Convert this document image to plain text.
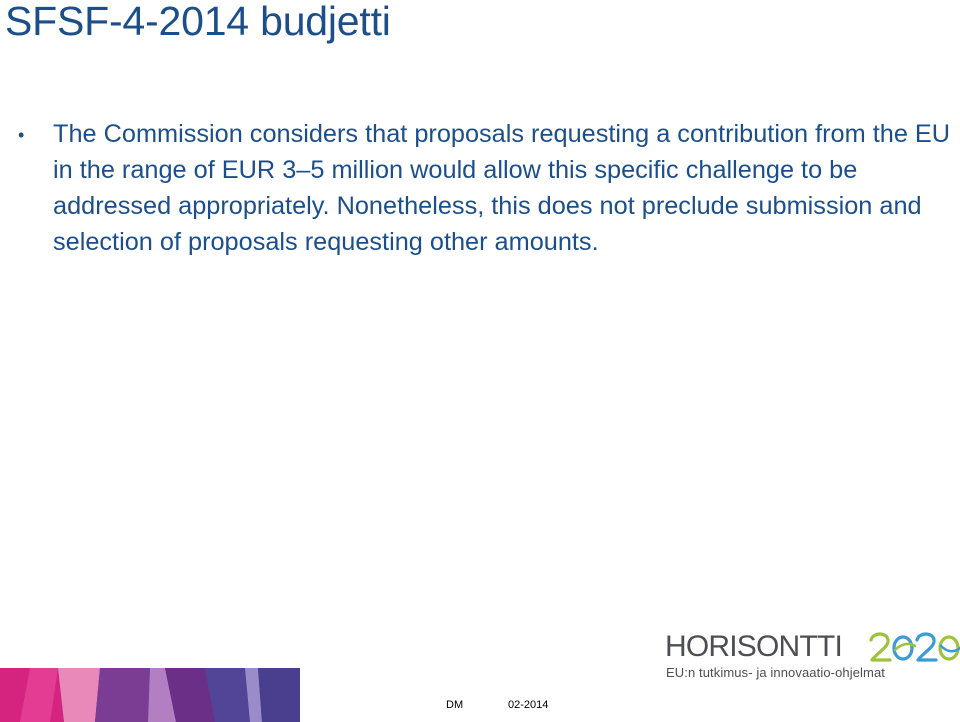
SFSF-4-2014 budjetti
•	The Commission considers that proposals requesting a contribution from the EU in the range of EUR 3–5 million would allow this specific challenge to be addressed appropriately. Nonetheless, this does not preclude submission and selection of proposals requesting other amounts.

DM	02-2014
HORISONTTI
EU:n tutkimus- ja innovaatio-ohjelmat
